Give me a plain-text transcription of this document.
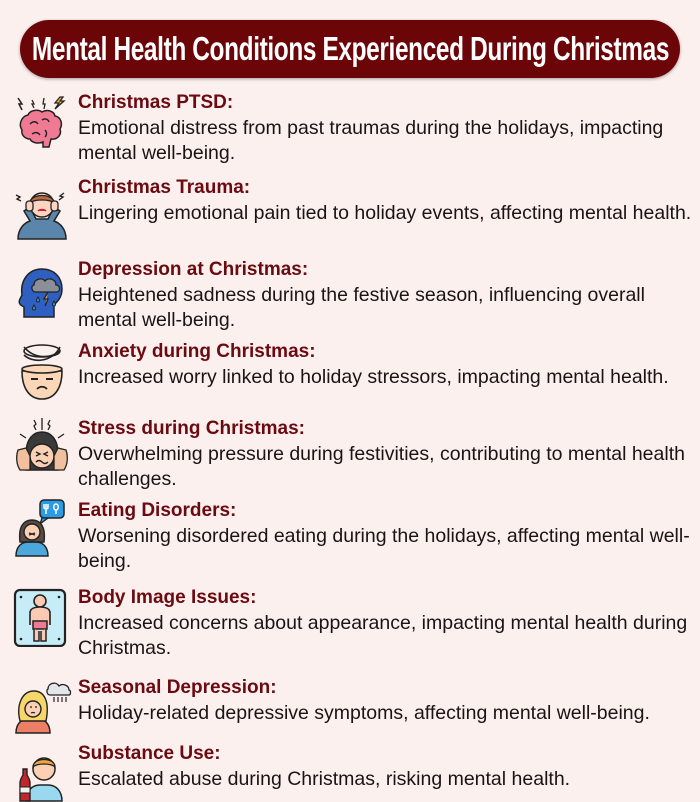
Mental Health Conditions Experienced During Christmas
Christmas PTSD:
Emotional distress from past traumas during the holidays, impacting mental well-being.
Christmas Trauma:
Lingering emotional pain tied to holiday events, affecting mental health.
Depression at Christmas:
Heightened sadness during the festive season, influencing overall mental well-being.
Anxiety during Christmas:
Increased worry linked to holiday stressors, impacting mental health.
Stress during Christmas:
Overwhelming pressure during festivities, contributing to mental health challenges.
Eating Disorders:
Worsening disordered eating during the holidays, affecting mental well-being.
Body Image Issues:
Increased concerns about appearance, impacting mental health during Christmas.
Seasonal Depression:
Holiday-related depressive symptoms, affecting mental well-being.
Substance Use:
Escalated abuse during Christmas, risking mental health.
